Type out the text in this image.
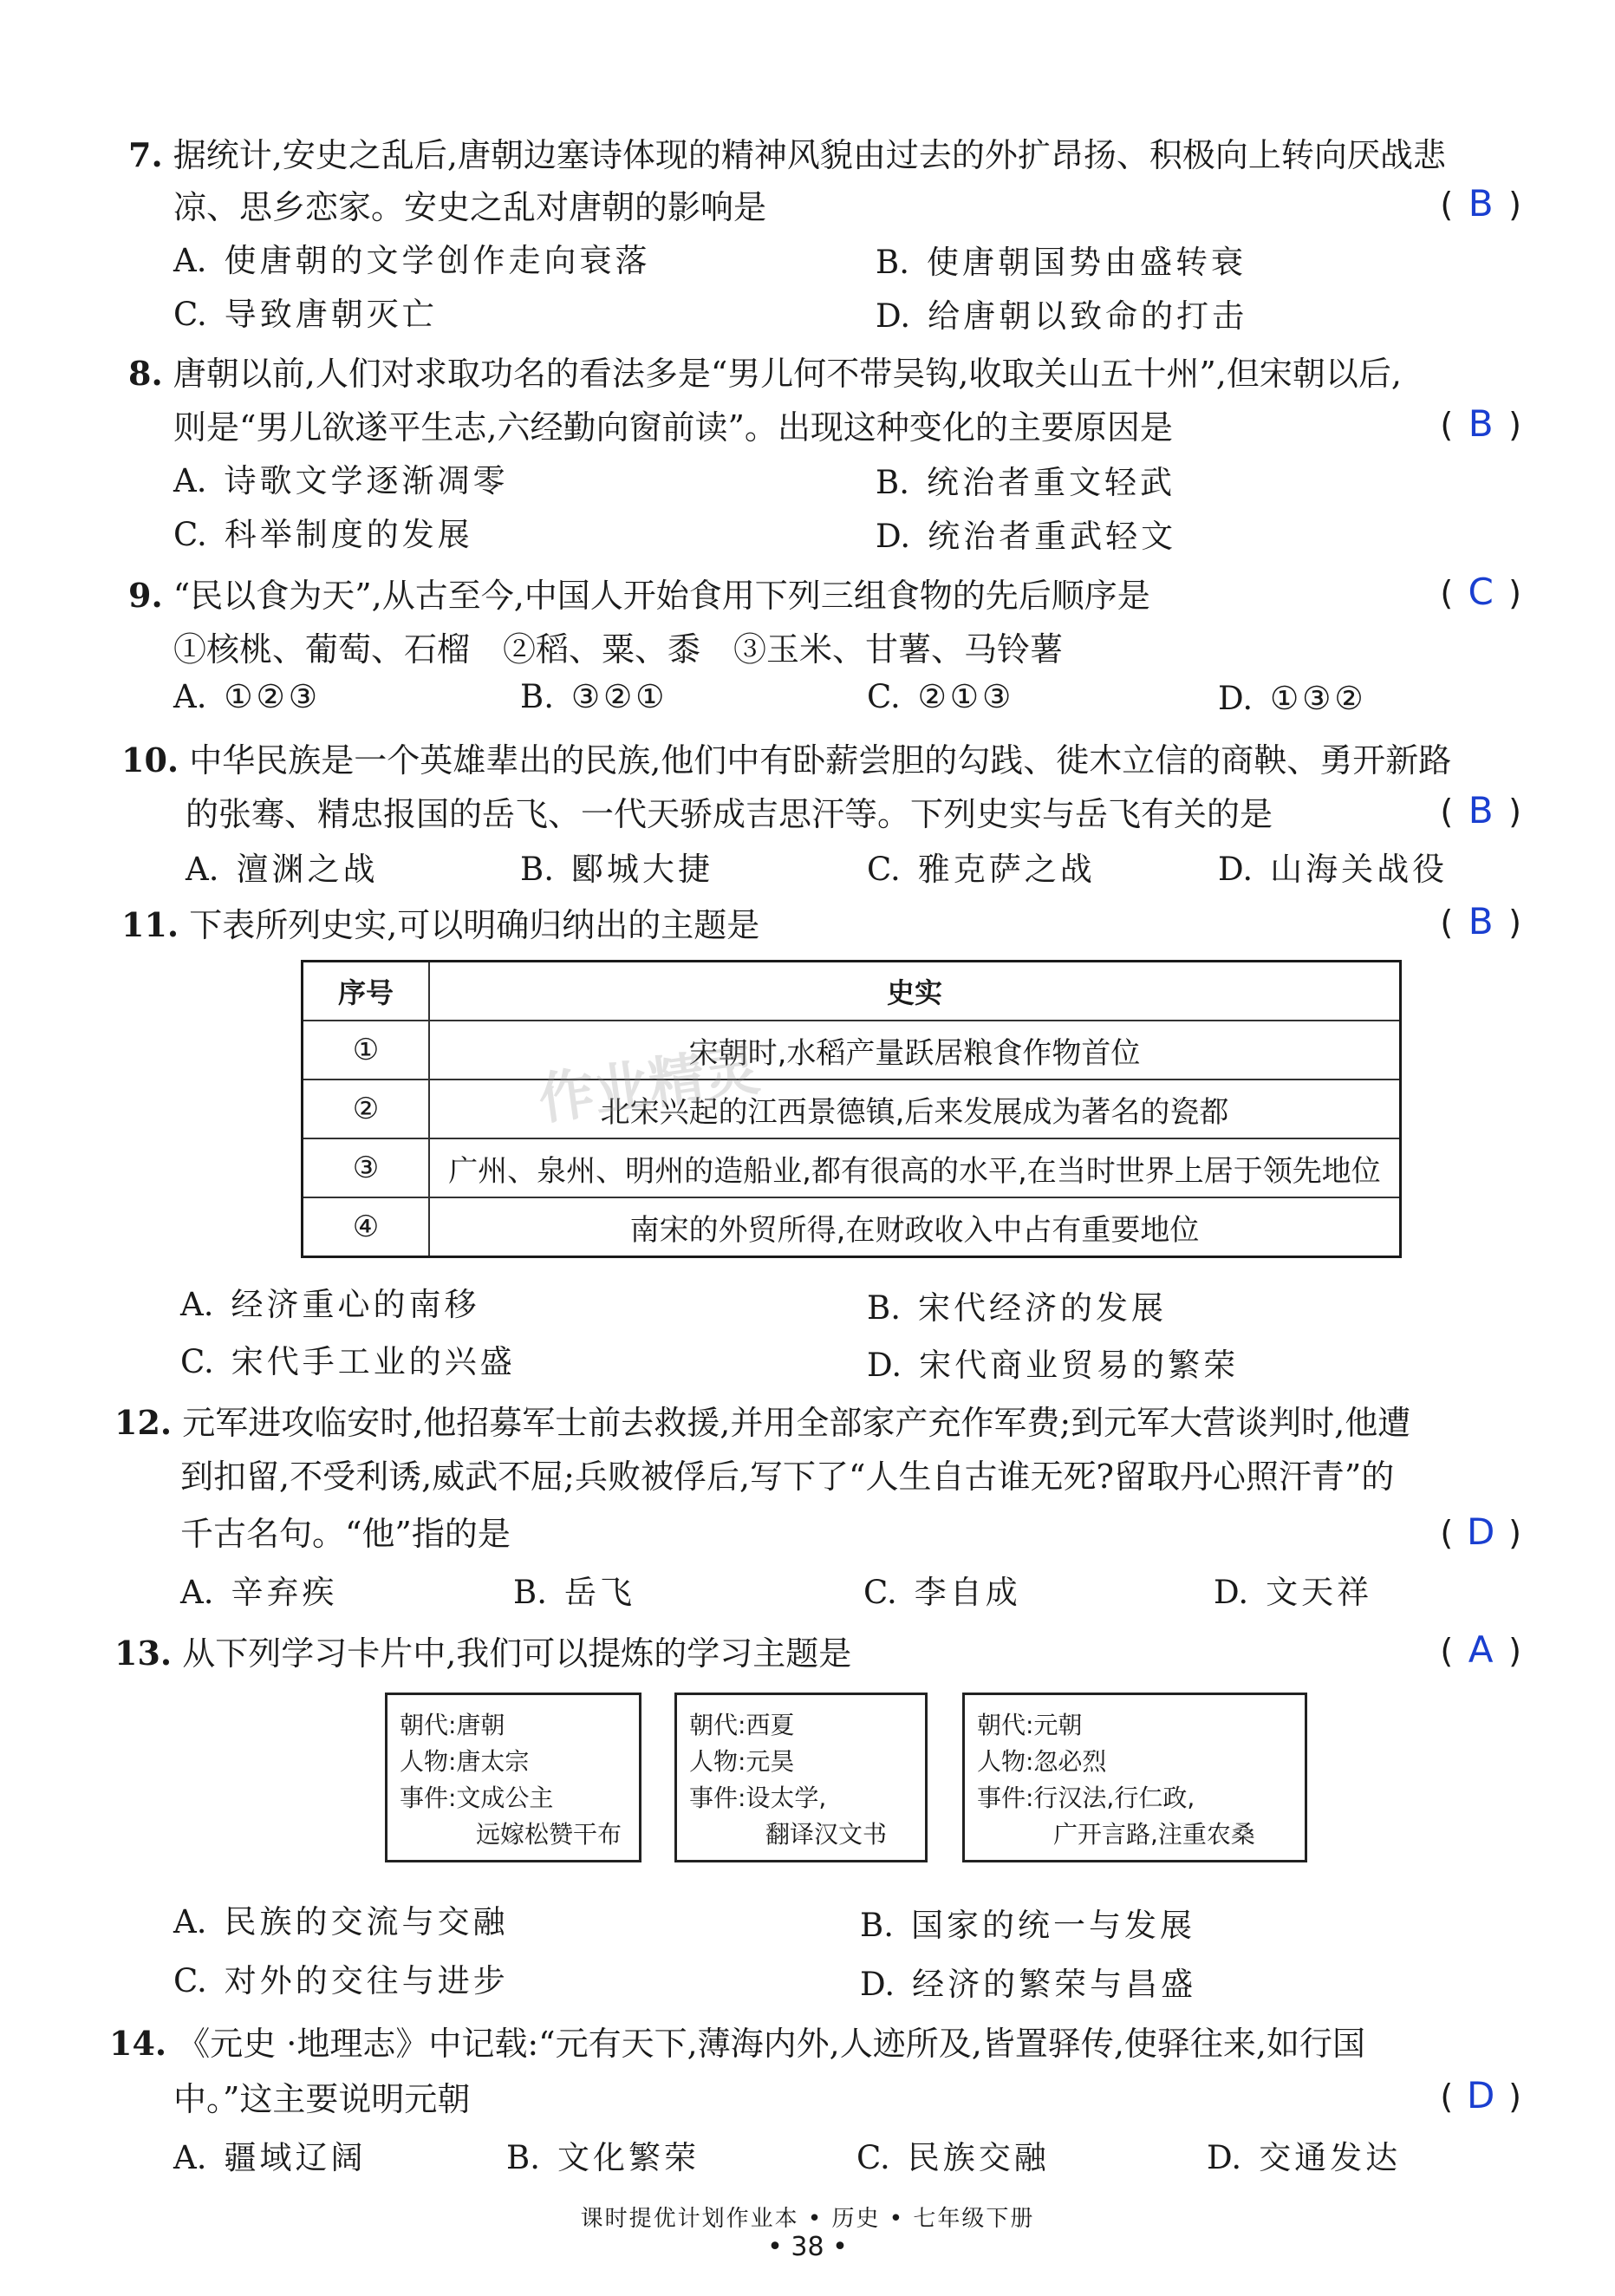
7. 据统计,安史之乱后,唐朝边塞诗体现的精神风貌由过去的外扩昂扬、积极向上转向厌战悲
凉、思乡恋家。安史之乱对唐朝的影响是	( B )
A. 使唐朝的文学创作走向衰落	B. 使唐朝国势由盛转衰
C. 导致唐朝灭亡	D. 给唐朝以致命的打击
8. 唐朝以前,人们对求取功名的看法多是“男儿何不带吴钩,收取关山五十州”,但宋朝以后,
则是“男儿欲遂平生志,六经勤向窗前读”。出现这种变化的主要原因是	( B )
A. 诗歌文学逐渐凋零	B. 统治者重文轻武
C. 科举制度的发展	D. 统治者重武轻文
9. “民以食为天”,从古至今,中国人开始食用下列三组食物的先后顺序是	( C )
①核桃、葡萄、石榴　②稻、粟、黍　③玉米、甘薯、马铃薯
A. ①②③	B. ③②①	C. ②①③	D. ①③②
10. 中华民族是一个英雄辈出的民族,他们中有卧薪尝胆的勾践、徙木立信的商鞅、勇开新路
的张骞、精忠报国的岳飞、一代天骄成吉思汗等。下列史实与岳飞有关的是	( B )
A. 澶渊之战	B. 郾城大捷	C. 雅克萨之战	D. 山海关战役
11. 下表所列史实,可以明确归纳出的主题是	( B )
序号	史实
①	宋朝时,水稻产量跃居粮食作物首位
②	北宋兴起的江西景德镇,后来发展成为著名的瓷都
③	广州、泉州、明州的造船业,都有很高的水平,在当时世界上居于领先地位
④	南宋的外贸所得,在财政收入中占有重要地位
A. 经济重心的南移	B. 宋代经济的发展
C. 宋代手工业的兴盛	D. 宋代商业贸易的繁荣
12. 元军进攻临安时,他招募军士前去救援,并用全部家产充作军费;到元军大营谈判时,他遭
到扣留,不受利诱,威武不屈;兵败被俘后,写下了“人生自古谁无死?留取丹心照汗青”的
千古名句。“他”指的是	( D )
A. 辛弃疾	B. 岳飞	C. 李自成	D. 文天祥
13. 从下列学习卡片中,我们可以提炼的学习主题是	( A )
朝代:唐朝
人物:唐太宗
事件:文成公主
远嫁松赞干布
朝代:西夏
人物:元昊
事件:设太学,
翻译汉文书
朝代:元朝
人物:忽必烈
事件:行汉法,行仁政,
广开言路,注重农桑
A. 民族的交流与交融	B. 国家的统一与发展
C. 对外的交往与进步	D. 经济的繁荣与昌盛
14. 《元史 ·地理志》中记载:“元有天下,薄海内外,人迹所及,皆置驿传,使驿往来,如行国
中。”这主要说明元朝	( D )
A. 疆域辽阔	B. 文化繁荣	C. 民族交融	D. 交通发达
作业精灵
课时提优计划作业本 • 历史 • 七年级下册
• 38 •
